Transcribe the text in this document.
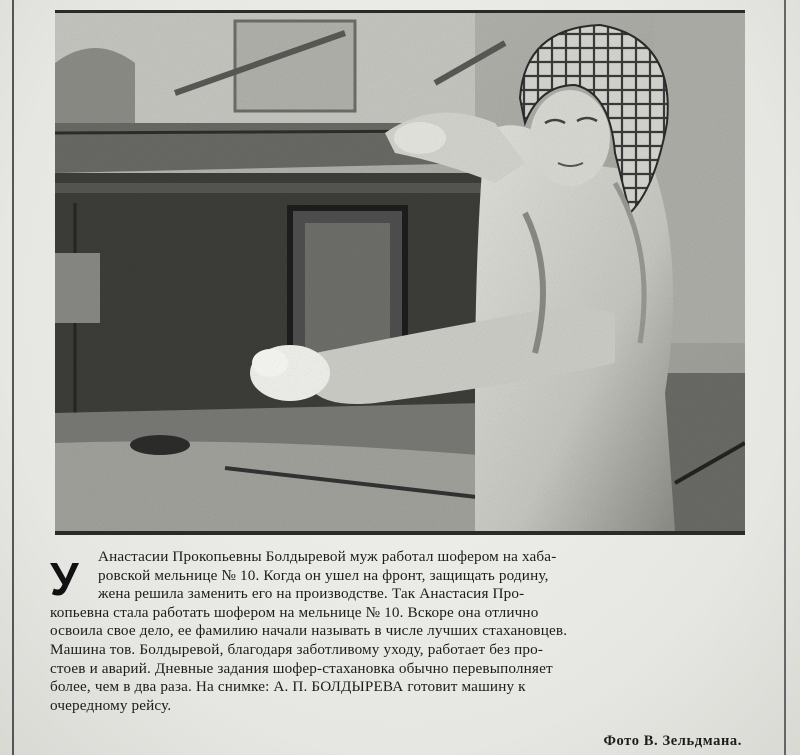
У	Анастасии Прокопьевны Болдыревой муж работал шофером на хаба-
ровской мельнице № 10. Когда он ушел на фронт, защищать родину,
жена решила заменить его на производстве. Так Анастасия Про-
копьевна стала работать шофером на мельнице № 10. Вскоре она отлично
освоила свое дело, ее фамилию начали называть в числе лучших стахановцев.
Машина тов. Болдыревой, благодаря заботливому уходу, работает без про-
стоев и аварий. Дневные задания шофер-стахановка обычно перевыполняет
более, чем в два раза. На снимке: А. П. БОЛДЫРЕВА готовит машину к
очередному рейсу.

Фото В. Зельдмана.
